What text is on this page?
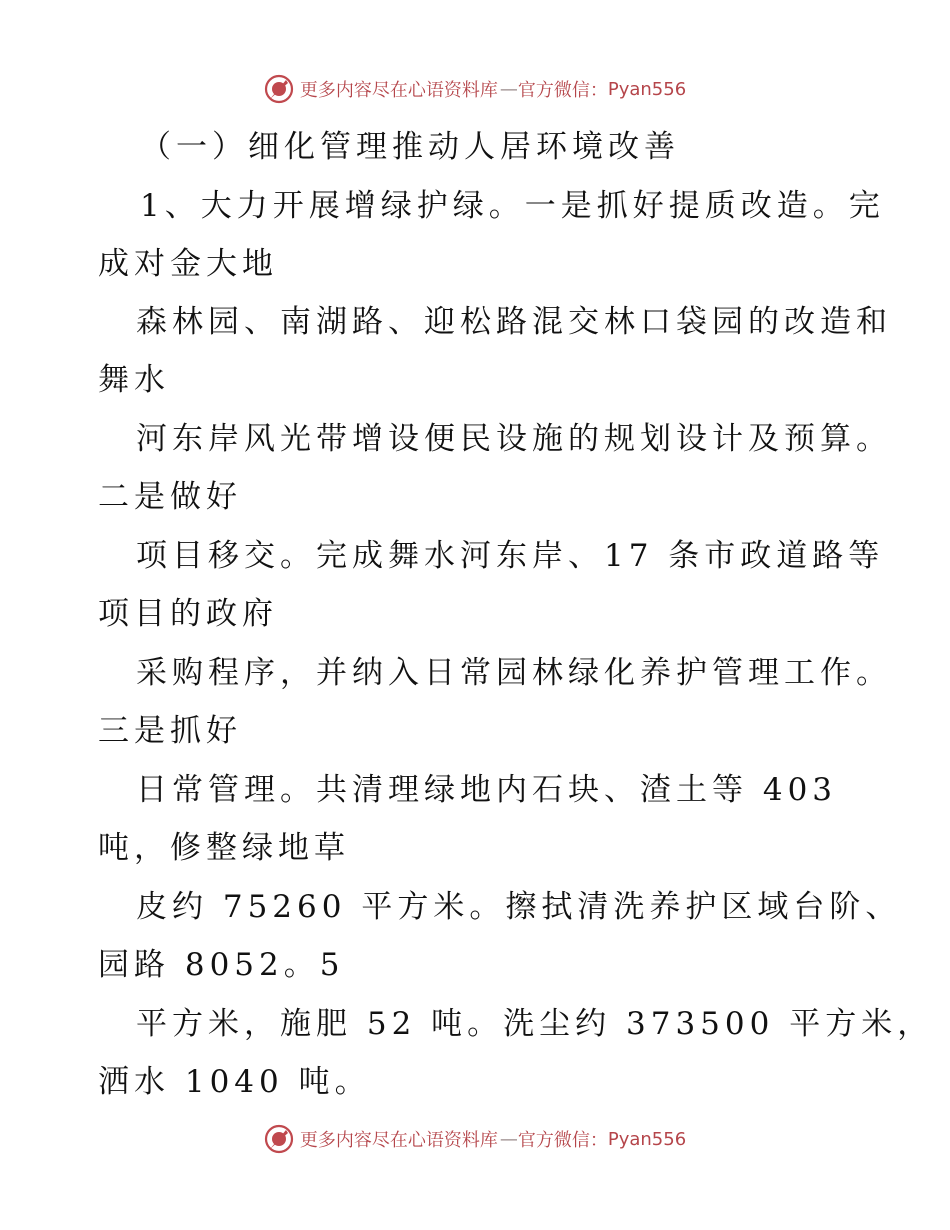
更多内容尽在心语资料库 — 官方微信： Pyan556
（一）细化管理推动人居环境改善
1、大力开展增绿护绿。一是抓好提质改造。完
成对金大地
森林园、南湖路、迎松路混交林口袋园的改造和
舞水
河东岸风光带增设便民设施的规划设计及预算。
二是做好
项目移交。完成舞水河东岸、17 条市政道路等
项目的政府
采购程序，并纳入日常园林绿化养护管理工作。
三是抓好
日常管理。共清理绿地内石块、渣土等 403
吨，修整绿地草
皮约 75260 平方米。擦拭清洗养护区域台阶、
园路 8052。5
平方米，施肥 52 吨。洗尘约 373500 平方米，
洒水 1040 吨。
更多内容尽在心语资料库 — 官方微信： Pyan556
